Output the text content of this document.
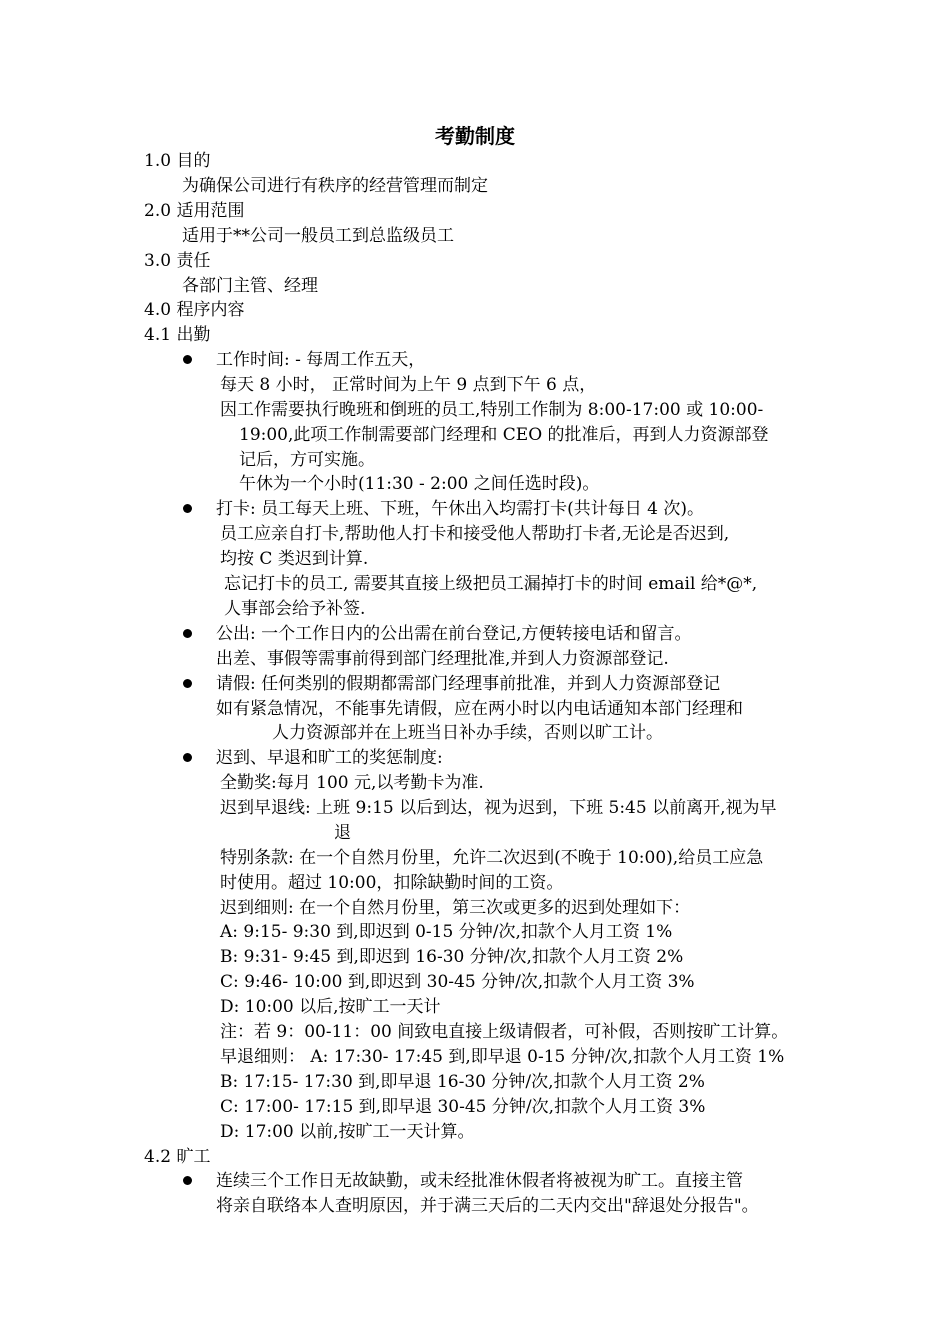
考勤制度
1.0 目的
为确保公司进行有秩序的经营管理而制定
2.0 适用范围
适用于**公司一般员工到总监级员工
3.0 责任
各部门主管、经理
4.0 程序内容
4.1 出勤
工作时间: - 每周工作五天，
每天 8 小时， 正常时间为上午 9 点到下午 6 点，
因工作需要执行晚班和倒班的员工,特别工作制为 8:00-17:00 或 10:00-
19:00,此项工作制需要部门经理和 CEO 的批准后，再到人力资源部登
记后，方可实施。
午休为一个小时(11:30 - 2:00 之间任选时段)。
打卡: 员工每天上班、下班，午休出入均需打卡(共计每日 4 次)。
员工应亲自打卡,帮助他人打卡和接受他人帮助打卡者,无论是否迟到,
均按 C 类迟到计算.
忘记打卡的员工, 需要其直接上级把员工漏掉打卡的时间 email 给*@*,
人事部会给予补签.
公出: 一个工作日内的公出需在前台登记,方便转接电话和留言。
出差、事假等需事前得到部门经理批准,并到人力资源部登记.
请假: 任何类别的假期都需部门经理事前批准，并到人力资源部登记
如有紧急情况，不能事先请假，应在两小时以内电话通知本部门经理和
人力资源部并在上班当日补办手续，否则以旷工计。
迟到、早退和旷工的奖惩制度:
全勤奖:每月 100 元,以考勤卡为准.
迟到早退线: 上班 9:15 以后到达，视为迟到，下班 5:45 以前离开,视为早
退
特别条款: 在一个自然月份里，允许二次迟到(不晚于 10:00),给员工应急
时使用。超过 10:00，扣除缺勤时间的工资。
迟到细则: 在一个自然月份里，第三次或更多的迟到处理如下：
A: 9:15- 9:30 到,即迟到 0-15 分钟/次,扣款个人月工资 1%
B: 9:31- 9:45 到,即迟到 16-30 分钟/次,扣款个人月工资 2%
C: 9:46- 10:00 到,即迟到 30-45 分钟/次,扣款个人月工资 3%
D: 10:00 以后,按旷工一天计
注：若 9：00-11：00 间致电直接上级请假者，可补假，否则按旷工计算。
早退细则： A: 17:30- 17:45 到,即早退 0-15 分钟/次,扣款个人月工资 1%
B: 17:15- 17:30 到,即早退 16-30 分钟/次,扣款个人月工资 2%
C: 17:00- 17:15 到,即早退 30-45 分钟/次,扣款个人月工资 3%
D: 17:00 以前,按旷工一天计算。
4.2 旷工
连续三个工作日无故缺勤，或未经批准休假者将被视为旷工。直接主管
将亲自联络本人查明原因，并于满三天后的二天内交出"辞退处分报告"。
